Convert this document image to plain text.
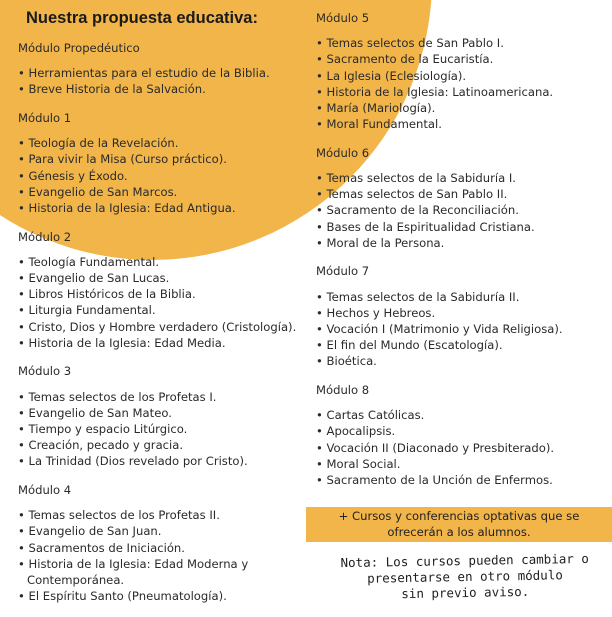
Nuestra propuesta educativa:
Módulo Propedéutico
• Herramientas para el estudio de la Biblia.
• Breve Historia de la Salvación.
Módulo 1
• Teología de la Revelación.
• Para vivir la Misa (Curso práctico).
• Génesis y Éxodo.
• Evangelio de San Marcos.
• Historia de la Iglesia: Edad Antigua.
Módulo 2
• Teología Fundamental.
• Evangelio de San Lucas.
• Libros Históricos de la Biblia.
• Liturgia Fundamental.
• Cristo, Dios y Hombre verdadero (Cristología).
• Historia de la Iglesia: Edad Media.
Módulo 3
• Temas selectos de los Profetas I.
• Evangelio de San Mateo.
• Tiempo y espacio Litúrgico.
• Creación, pecado y gracia.
• La Trinidad (Dios revelado por Cristo).
Módulo 4
• Temas selectos de los Profetas II.
• Evangelio de San Juan.
• Sacramentos de Iniciación.
• Historia de la Iglesia: Edad Moderna y Contemporánea.
• El Espíritu Santo (Pneumatología).
Módulo 5
• Temas selectos de San Pablo I.
• Sacramento de la Eucaristía.
• La Iglesia (Eclesiología).
• Historia de la Iglesia: Latinoamericana.
• María (Mariología).
• Moral Fundamental.
Módulo 6
• Temas selectos de la Sabiduría I.
• Temas selectos de San Pablo II.
• Sacramento de la Reconciliación.
• Bases de la Espiritualidad Cristiana.
• Moral de la Persona.
Módulo 7
• Temas selectos de la Sabiduría II.
• Hechos y Hebreos.
• Vocación I (Matrimonio y Vida Religiosa).
• El fin del Mundo (Escatología).
• Bioética.
Módulo 8
• Cartas Católicas.
• Apocalipsis.
• Vocación II (Diaconado y Presbiterado).
• Moral Social.
• Sacramento de la Unción de Enfermos.
+ Cursos y conferencias optativas que se
ofrecerán a los alumnos.
Nota: Los cursos pueden cambiar o
presentarse en otro módulo
sin previo aviso.
